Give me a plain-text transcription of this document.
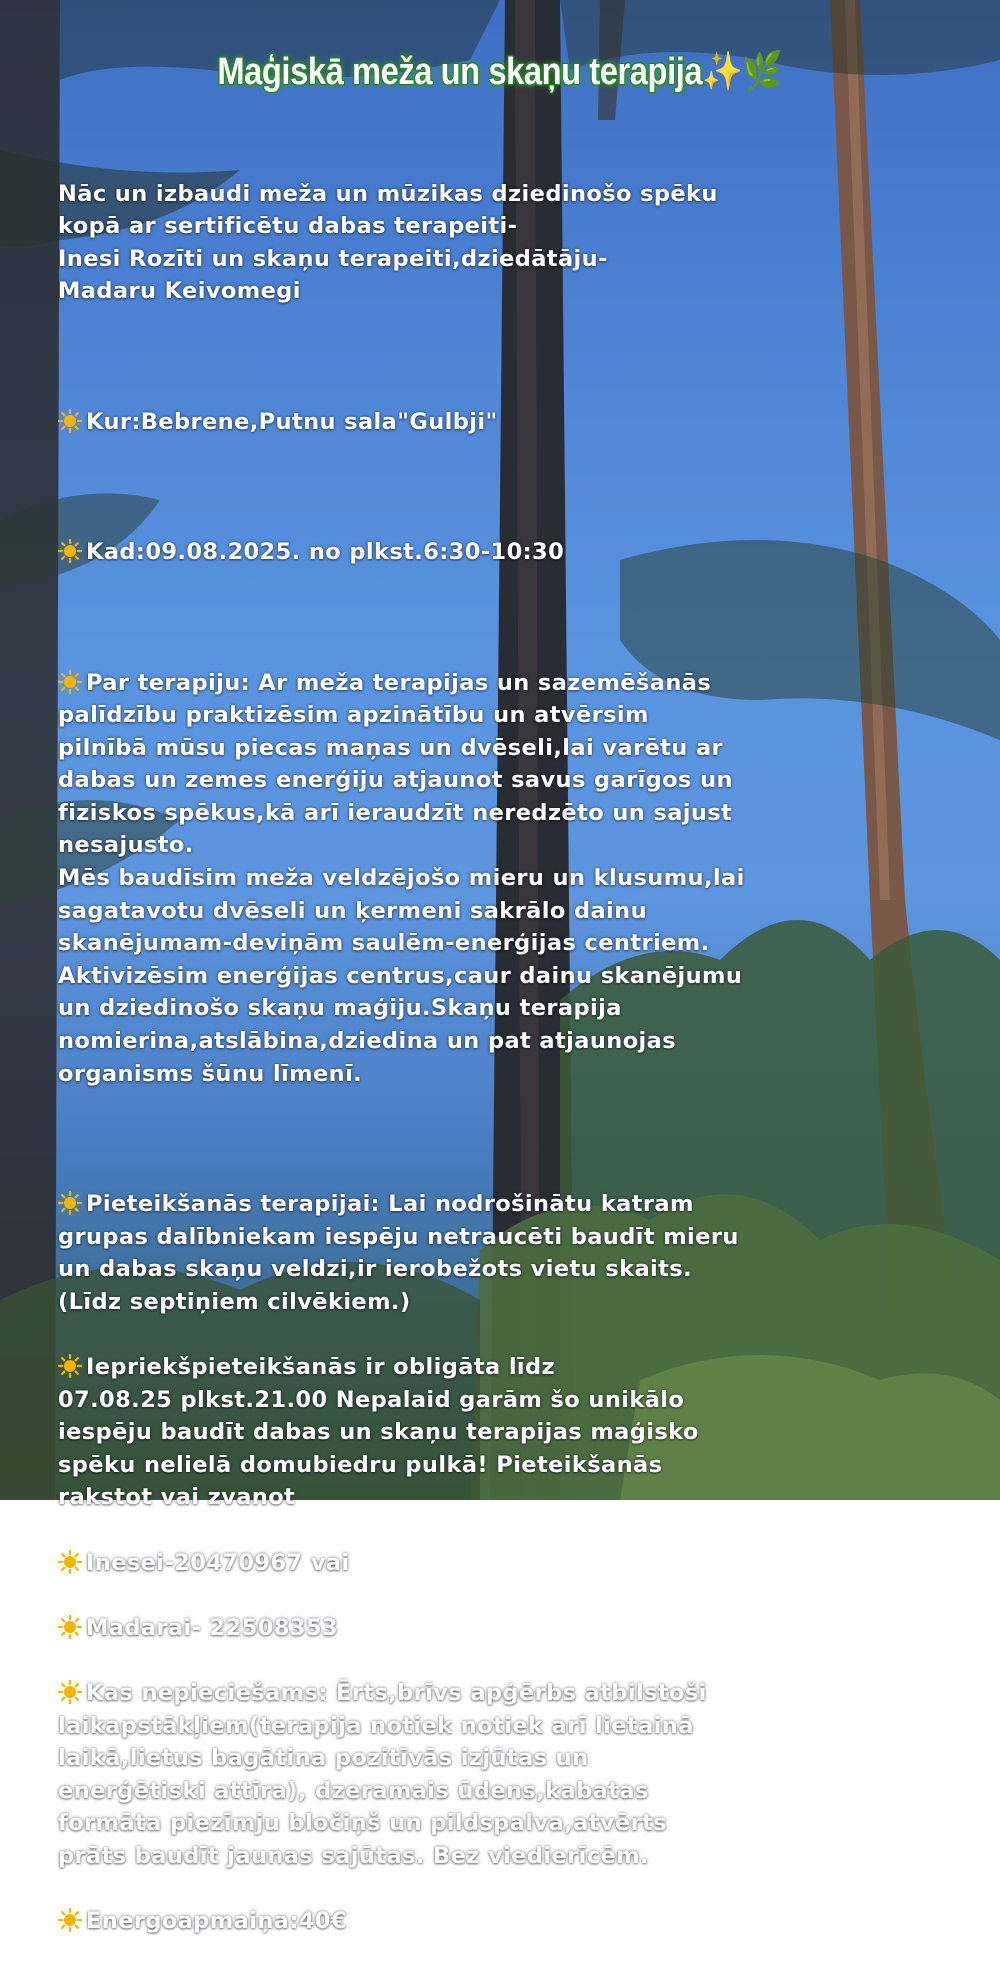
Maģiskā meža un skaņu terapija✨🌿

Nāc un izbaudi meža un mūzikas dziedinošo spēku
kopā ar sertificētu dabas terapeiti-
Inesi Rozīti un skaņu terapeiti,dziedātāju-
Madaru Keivomegi

Kur:Bebrene,Putnu sala"Gulbji"

Kad:09.08.2025. no plkst.6:30-10:30

Par terapiju: Ar meža terapijas un sazemēšanās
palīdzību praktizēsim apzinātību un atvērsim
pilnībā mūsu piecas maņas un dvēseli,lai varētu ar
dabas un zemes enerģiju atjaunot savus garīgos un
fiziskos spēkus,kā arī ieraudzīt neredzēto un sajust
nesajusto.
Mēs baudīsim meža veldzējošo mieru un klusumu,lai
sagatavotu dvēseli un ķermeni sakrālo dainu
skanējumam-deviņām saulēm-enerģijas centriem.
Aktivizēsim enerģijas centrus,caur dainu skanējumu
un dziedinošo skaņu maģiju.Skaņu terapija
nomierina,atslābina,dziedina un pat atjaunojas
organisms šūnu līmenī.

Pieteikšanās terapijai: Lai nodrošinātu katram
grupas dalībniekam iespēju netraucēti baudīt mieru
un dabas skaņu veldzi,ir ierobežots vietu skaits.
(Līdz septiņiem cilvēkiem.)

Iepriekšpieteikšanās ir obligāta līdz
07.08.25 plkst.21.00 Nepalaid garām šo unikālo
iespēju baudīt dabas un skaņu terapijas maģisko
spēku nelielā domubiedru pulkā! Pieteikšanās
rakstot vai zvanot

Inesei-20470967 vai

Madarai- 22508353

Kas nepieciešams: Ērts,brīvs apģērbs atbilstoši
laikapstākļiem(terapija notiek notiek arī lietainā
laikā,lietus bagātina pozitīvās izjūtas un
enerģētiski attīra), dzeramais ūdens,kabatas
formāta piezīmju bločiņš un pildspalva,atvērts
prāts baudīt jaunas sajūtas. Bez viedierīcēm.

Energoapmaiņa:40€
